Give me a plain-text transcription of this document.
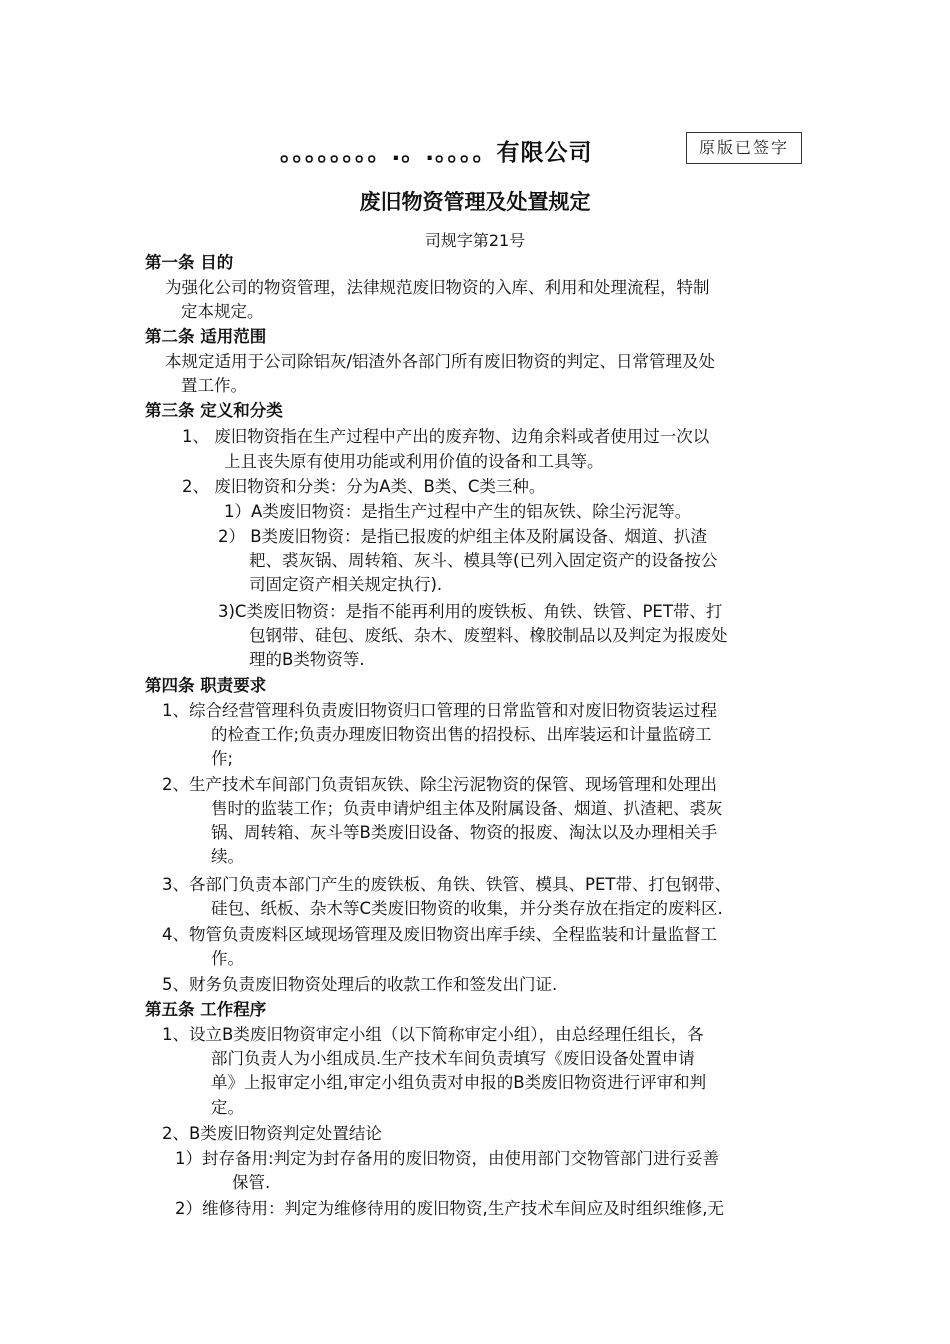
。。。。。。。。.。.。。。。有限公司	原版已签字
废旧物资管理及处置规定
司规字第21号
第一条 目的
为强化公司的物资管理，法律规范废旧物资的入库、利用和处理流程，特制
定本规定。
第二条 适用范围
本规定适用于公司除铝灰/铝渣外各部门所有废旧物资的判定、日常管理及处
置工作。
第三条 定义和分类
1、 废旧物资指在生产过程中产出的废弃物、边角余料或者使用过一次以
上且丧失原有使用功能或利用价值的设备和工具等。
2、 废旧物资和分类：分为A类、B类、C类三种。
1）A类废旧物资：是指生产过程中产生的铝灰铁、除尘污泥等。
2） B类废旧物资：是指已报废的炉组主体及附属设备、烟道、扒渣
耙、裘灰锅、周转箱、灰斗、模具等(已列入固定资产的设备按公
司固定资产相关规定执行).
3)C类废旧物资：是指不能再利用的废铁板、角铁、铁管、PET带、打
包钢带、硅包、废纸、杂木、废塑料、橡胶制品以及判定为报废处
理的B类物资等.
第四条 职责要求
1、综合经营管理科负责废旧物资归口管理的日常监管和对废旧物资装运过程
的检查工作;负责办理废旧物资出售的招投标、出库装运和计量监磅工
作;
2、生产技术车间部门负责铝灰铁、除尘污泥物资的保管、现场管理和处理出
售时的监装工作；负责申请炉组主体及附属设备、烟道、扒渣耙、裘灰
锅、周转箱、灰斗等B类废旧设备、物资的报废、淘汰以及办理相关手
续。
3、各部门负责本部门产生的废铁板、角铁、铁管、模具、PET带、打包钢带、
硅包、纸板、杂木等C类废旧物资的收集，并分类存放在指定的废料区.
4、物管负责废料区域现场管理及废旧物资出库手续、全程监装和计量监督工
作。
5、财务负责废旧物资处理后的收款工作和签发出门证.
第五条 工作程序
1、设立B类废旧物资审定小组（以下简称审定小组），由总经理任组长，各
部门负责人为小组成员.生产技术车间负责填写《废旧设备处置申请
单》上报审定小组,审定小组负责对申报的B类废旧物资进行评审和判
定。
2、B类废旧物资判定处置结论
1）封存备用:判定为封存备用的废旧物资，由使用部门交物管部门进行妥善
保管.
2）维修待用：判定为维修待用的废旧物资,生产技术车间应及时组织维修,无
